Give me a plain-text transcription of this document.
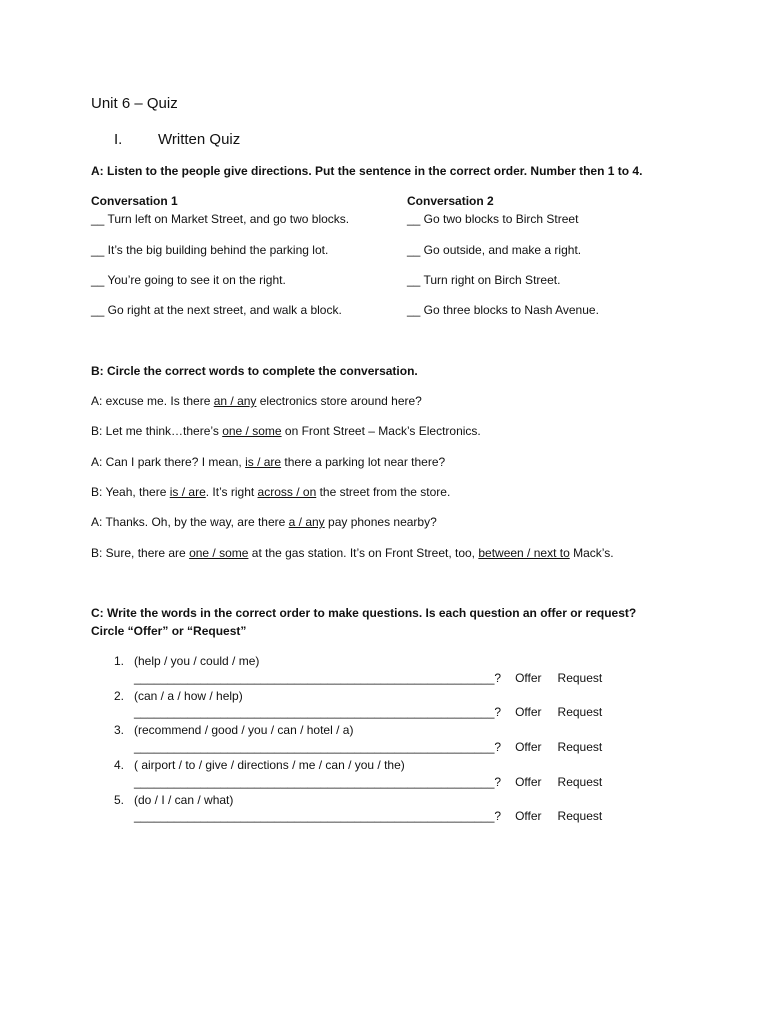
Unit 6 – Quiz
I. Written Quiz
A: Listen to the people give directions. Put the sentence in the correct order. Number then 1 to 4.
Conversation 1
__ Turn left on Market Street, and go two blocks.
__ It’s the big building behind the parking lot.
__ You’re going to see it on the right.
__ Go right at the next street, and walk a block.
Conversation 2
__ Go two blocks to Birch Street
__ Go outside, and make a right.
__ Turn right on Birch Street.
__ Go three blocks to Nash Avenue.
B: Circle the correct words to complete the conversation.
A: excuse me. Is there an / any electronics store around here?
B: Let me think…there’s one / some on Front Street – Mack’s Electronics.
A: Can I park there? I mean, is / are there a parking lot near there?
B: Yeah, there is / are. It’s right across / on the street from the store.
A: Thanks. Oh, by the way, are there a / any pay phones nearby?
B: Sure, there are one / some at the gas station. It’s on Front Street, too, between / next to Mack’s.
C: Write the words in the correct order to make questions. Is each question an offer or request?
Circle “Offer” or “Request”
1. (help / you / could / me)
______________________________________________________? Offer Request
2. (can / a / how / help)
______________________________________________________? Offer Request
3. (recommend / good / you / can / hotel / a)
______________________________________________________? Offer Request
4. ( airport / to / give / directions / me / can / you / the)
______________________________________________________? Offer Request
5. (do / I / can / what)
______________________________________________________? Offer Request
